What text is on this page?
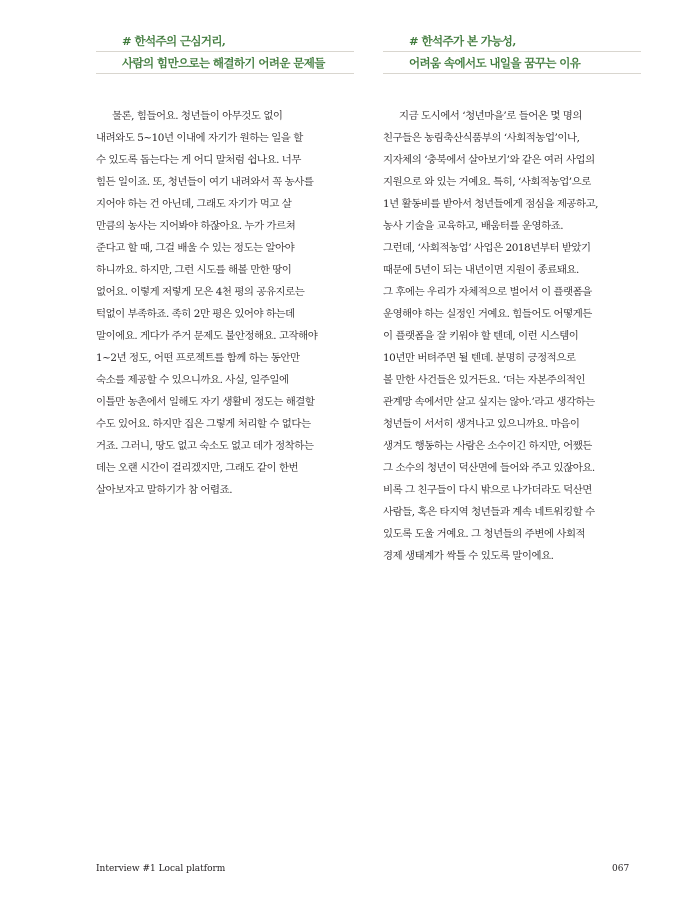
# 한석주의 근심거리,
사람의 힘만으로는 해결하기 어려운 문제들
물론, 힘들어요. 청년들이 아무것도 없이
내려와도 5~10년 이내에 자기가 원하는 일을 할
수 있도록 돕는다는 게 어디 말처럼 쉽나요. 너무
힘든 일이죠. 또, 청년들이 여기 내려와서 꼭 농사를
지어야 하는 건 아닌데, 그래도 자기가 먹고 살
만큼의 농사는 지어봐야 하잖아요. 누가 가르쳐
준다고 할 때, 그걸 배울 수 있는 정도는 알아야
하니까요. 하지만, 그런 시도를 해볼 만한 땅이
없어요. 이렇게 저렇게 모은 4천 평의 공유지로는
턱없이 부족하죠. 족히 2만 평은 있어야 하는데
말이에요. 게다가 주거 문제도 불안정해요. 고작해야
1~2년 정도, 어떤 프로젝트를 함께 하는 동안만
숙소를 제공할 수 있으니까요. 사실, 일주일에
이틀만 농촌에서 일해도 자기 생활비 정도는 해결할
수도 있어요. 하지만 집은 그렇게 처리할 수 없다는
거죠. 그러니, 땅도 없고 숙소도 없고 데가 정착하는
데는 오랜 시간이 걸리겠지만, 그래도 같이 한번
살아보자고 말하기가 참 어렵죠.
# 한석주가 본 가능성,
어려움 속에서도 내일을 꿈꾸는 이유
지금 도시에서 ‘청년마을’로 들어온 몇 명의
친구들은 농림축산식품부의 ‘사회적농업’이나,
지자체의 ‘충북에서 살아보기’와 같은 여러 사업의
지원으로 와 있는 거예요. 특히, ‘사회적농업’으로
1년 활동비를 받아서 청년들에게 점심을 제공하고,
농사 기술을 교육하고, 배움터를 운영하죠.
그런데, ‘사회적농업’ 사업은 2018년부터 받았기
때문에 5년이 되는 내년이면 지원이 종료돼요.
그 후에는 우리가 자체적으로 벌어서 이 플랫폼을
운영해야 하는 실정인 거예요. 힘들어도 어떻게든
이 플랫폼을 잘 키워야 할 텐데, 이런 시스템이
10년만 버텨주면 될 텐데. 분명히 긍정적으로
볼 만한 사건들은 있거든요. ‘더는 자본주의적인
관계망 속에서만 살고 싶지는 않아.’라고 생각하는
청년들이 서서히 생겨나고 있으니까요. 마음이
생겨도 행동하는 사람은 소수이긴 하지만, 어쨌든
그 소수의 청년이 덕산면에 들어와 주고 있잖아요.
비록 그 친구들이 다시 밖으로 나가더라도 덕산면
사람들, 혹은 타지역 청년들과 계속 네트워킹할 수
있도록 도울 거예요. 그 청년들의 주변에 사회적
경제 생태계가 싹틀 수 있도록 말이에요.
Interview #1 Local platform	067
